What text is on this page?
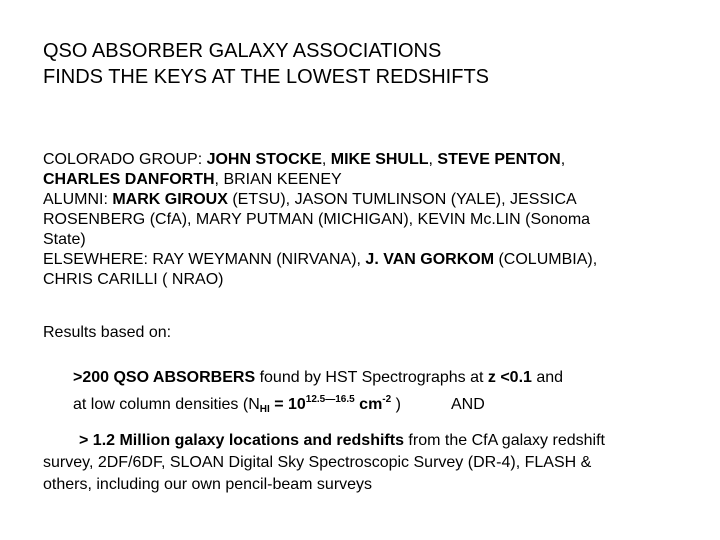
QSO ABSORBER GALAXY ASSOCIATIONS
FINDS THE KEYS AT THE LOWEST REDSHIFTS

COLORADO GROUP: JOHN STOCKE, MIKE SHULL, STEVE PENTON,

CHARLES DANFORTH, BRIAN KEENEY

ALUMNI: MARK GIROUX (ETSU), JASON TUMLINSON (YALE), JESSICA

ROSENBERG (CfA), MARY PUTMAN (MICHIGAN), KEVIN Mc.LIN (Sonoma

State)

ELSEWHERE: RAY WEYMANN (NIRVANA), J. VAN GORKOM (COLUMBIA),

CHRIS CARILLI ( NRAO)

Results based on:

>200 QSO ABSORBERS found by HST Spectrographs at z <0.1 and

at low column densities ($N_{HI} = 10^{12.5—16.5}$ $cm^{-2}$ )	AND

> 1.2 Million galaxy locations and redshifts from the CfA galaxy redshift

survey, 2DF/6DF, SLOAN Digital Sky Spectroscopic Survey (DR-4), FLASH &

others, including our own pencil-beam surveys
